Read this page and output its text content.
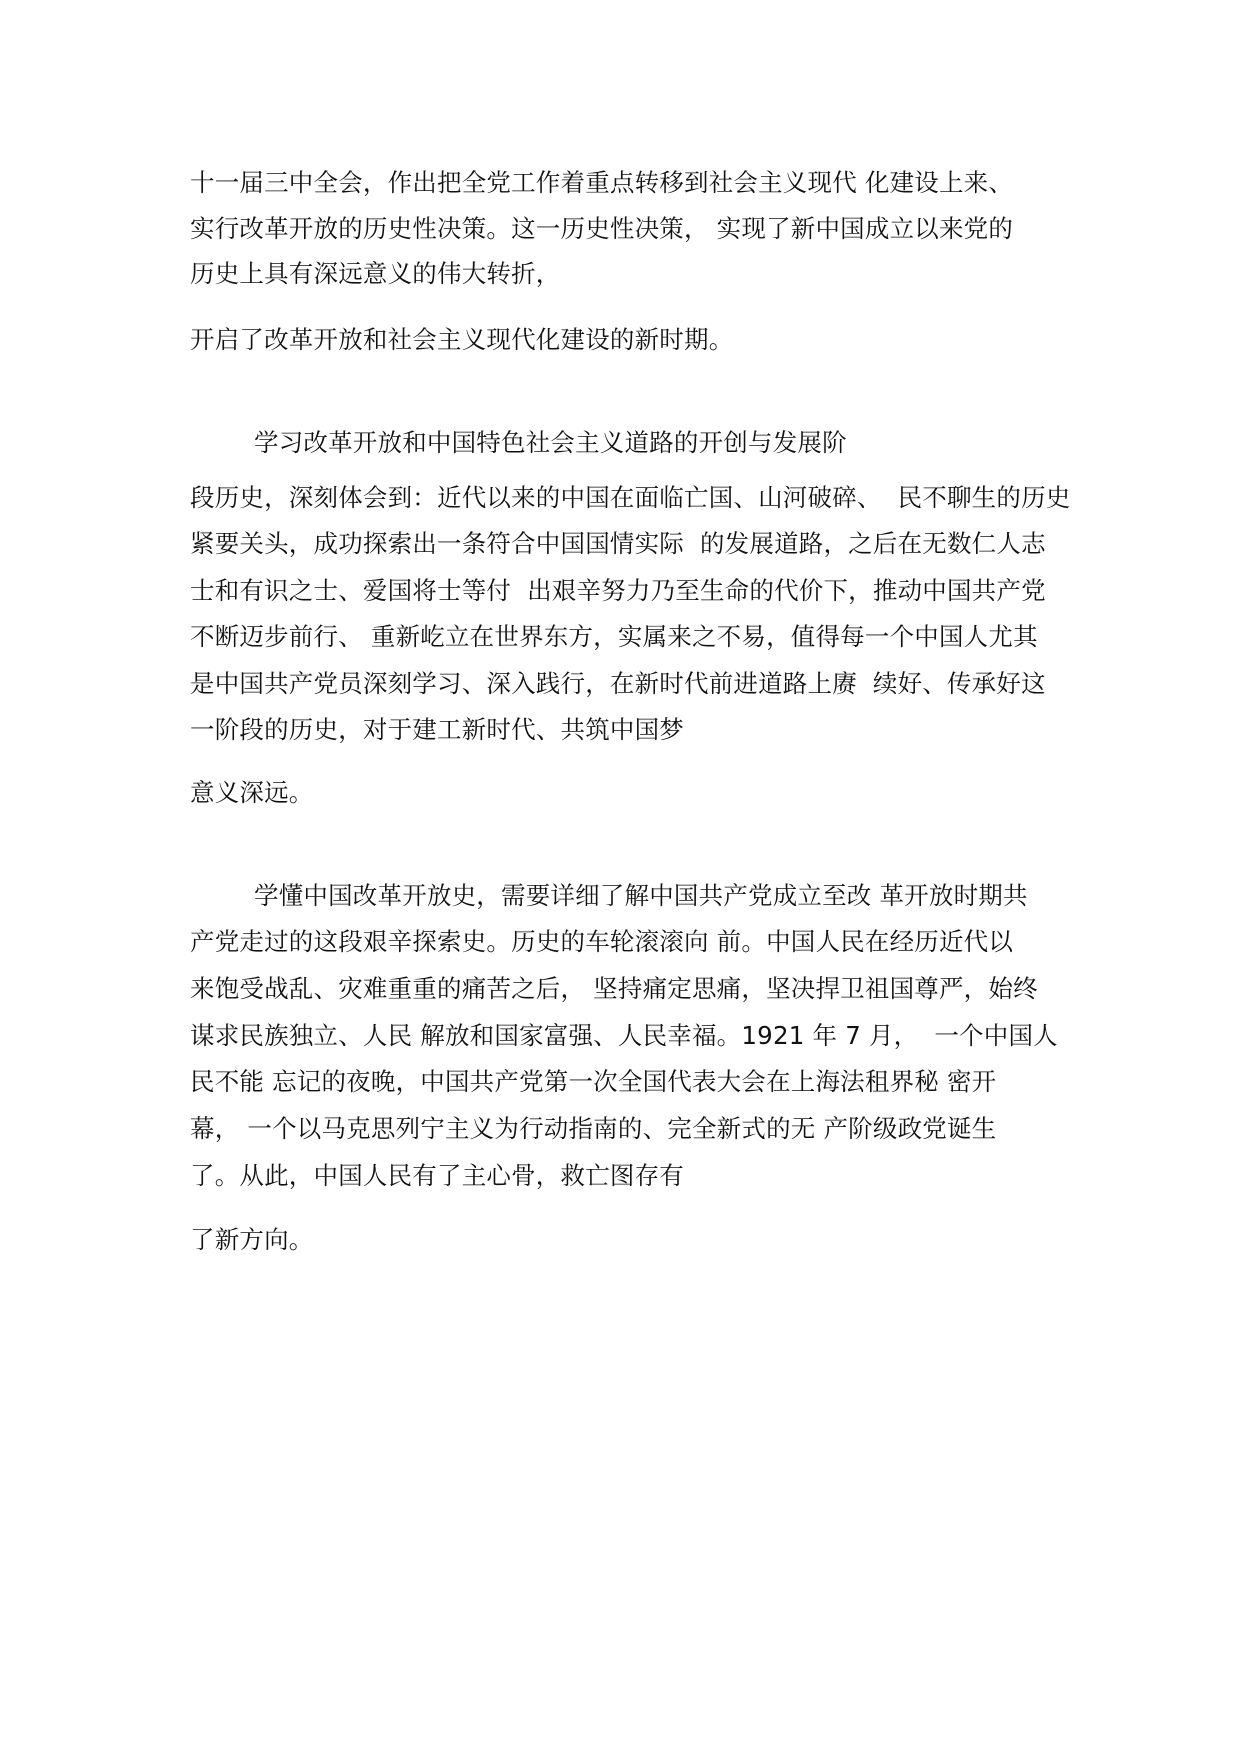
十一届三中全会，作出把全党工作着重点转移到社会主义现代 化建设上来、
实行改革开放的历史性决策。这一历史性决策， 实现了新中国成立以来党的
历史上具有深远意义的伟大转折，
开启了改革开放和社会主义现代化建设的新时期。
学习改革开放和中国特色社会主义道路的开创与发展阶
段历史，深刻体会到：近代以来的中国在面临亡国、山河破碎、  民不聊生的历史
紧要关头，成功探索出一条符合中国国情实际  的发展道路，之后在无数仁人志
士和有识之士、爱国将士等付  出艰辛努力乃至生命的代价下，推动中国共产党
不断迈步前行、 重新屹立在世界东方，实属来之不易，值得每一个中国人尤其
是中国共产党员深刻学习、深入践行，在新时代前进道路上赓  续好、传承好这
一阶段的历史，对于建工新时代、共筑中国梦
意义深远。
学懂中国改革开放史，需要详细了解中国共产党成立至改 革开放时期共
产党走过的这段艰辛探索史。历史的车轮滚滚向 前。中国人民在经历近代以
来饱受战乱、灾难重重的痛苦之后， 坚持痛定思痛，坚决捍卫祖国尊严，始终
谋求民族独立、人民 解放和国家富强、人民幸福。1921 年 7 月，  一个中国人
民不能 忘记的夜晚，中国共产党第一次全国代表大会在上海法租界秘 密开
幕， 一个以马克思列宁主义为行动指南的、完全新式的无 产阶级政党诞生
了。从此，中国人民有了主心骨，救亡图存有
了新方向。
